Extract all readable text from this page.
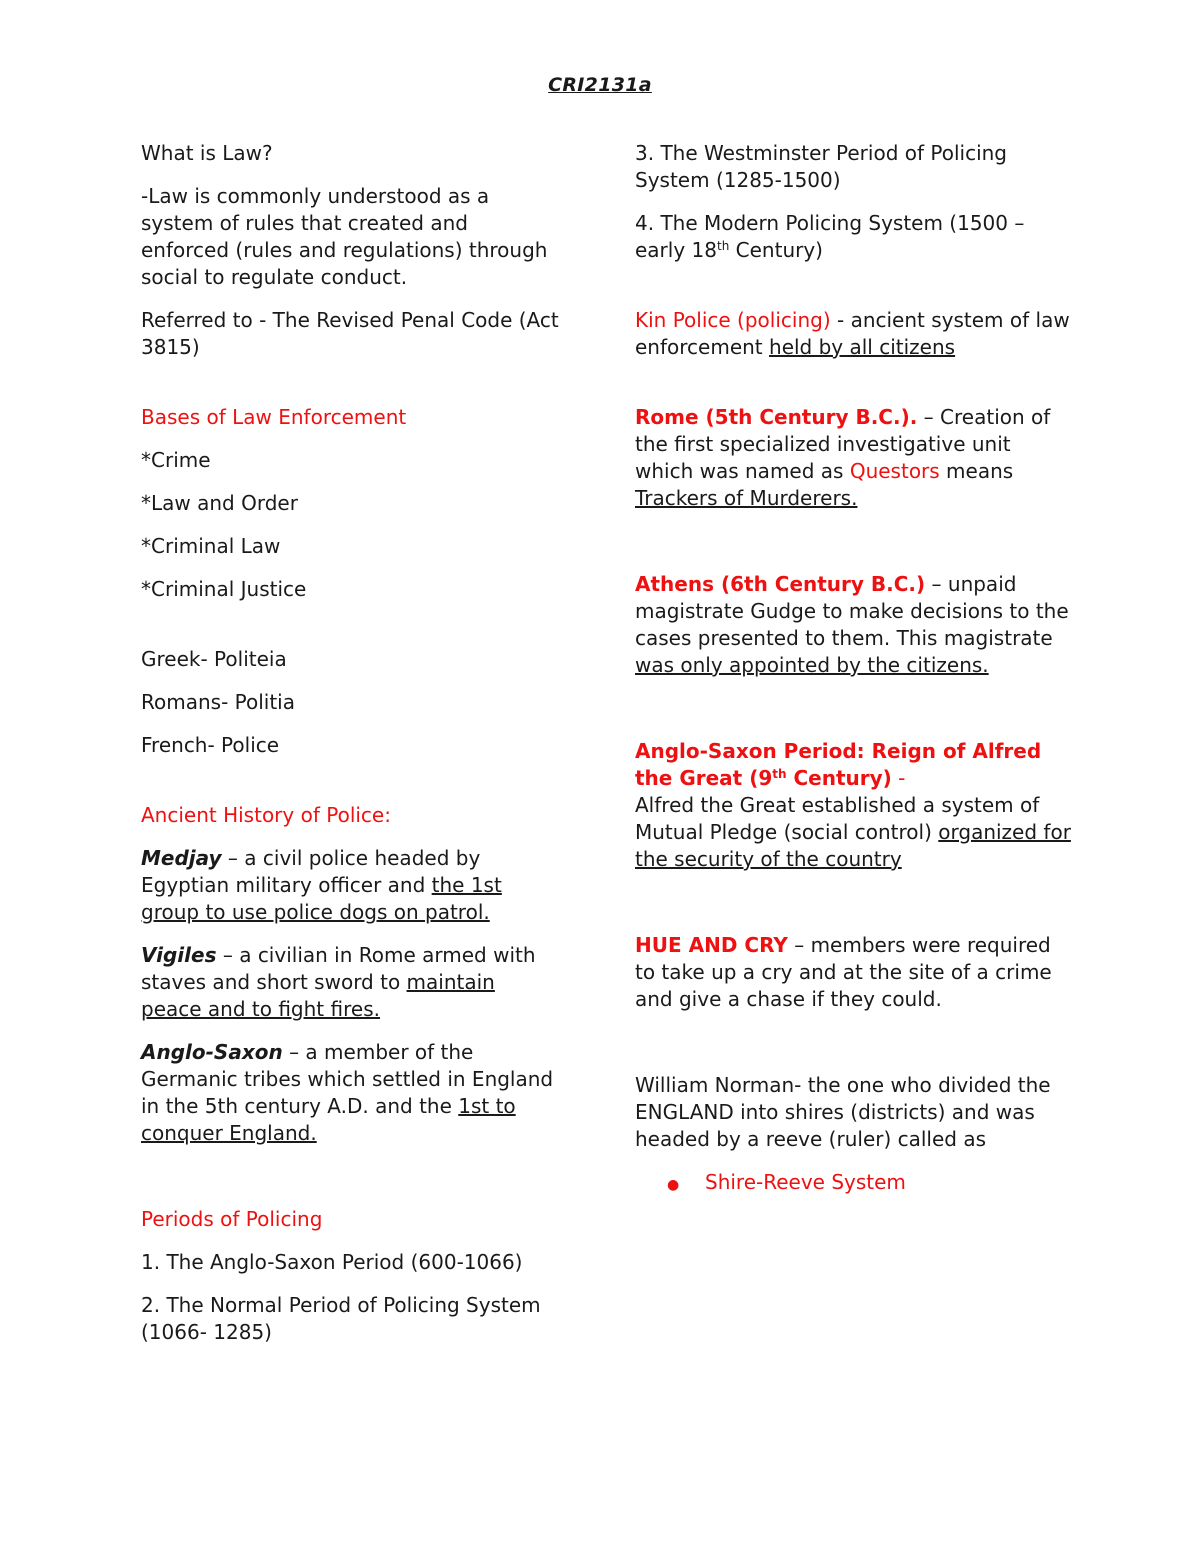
CRI2131a

What is Law?

-Law is commonly understood as a system of rules that created and enforced (rules and regulations) through social to regulate conduct.

Referred to - The Revised Penal Code (Act 3815)

Bases of Law Enforcement

*Crime

*Law and Order

*Criminal Law

*Criminal Justice

Greek- Politeia

Romans- Politia

French- Police

Ancient History of Police:

Medjay – a civil police headed by Egyptian military officer and the 1st group to use police dogs on patrol.

Vigiles – a civilian in Rome armed with staves and short sword to maintain peace and to fight fires.

Anglo-Saxon – a member of the Germanic tribes which settled in England in the 5th century A.D. and the 1st to conquer England.

Periods of Policing

1. The Anglo-Saxon Period (600-1066)

2. The Normal Period of Policing System (1066- 1285)

3. The Westminster Period of Policing System (1285-1500)

4. The Modern Policing System (1500 – early 18th Century)

Kin Police (policing) - ancient system of law enforcement held by all citizens

Rome (5th Century B.C.). – Creation of the first specialized investigative unit which was named as Questors means Trackers of Murderers.

Athens (6th Century B.C.) – unpaid magistrate Gudge to make decisions to the cases presented to them. This magistrate was only appointed by the citizens.

Anglo-Saxon Period: Reign of Alfred the Great (9th Century) -
Alfred the Great established a system of Mutual Pledge (social control) organized for the security of the country

HUE AND CRY – members were required to take up a cry and at the site of a crime and give a chase if they could.

William Norman- the one who divided the ENGLAND into shires (districts) and was headed by a reeve (ruler) called as

●	Shire-Reeve System
